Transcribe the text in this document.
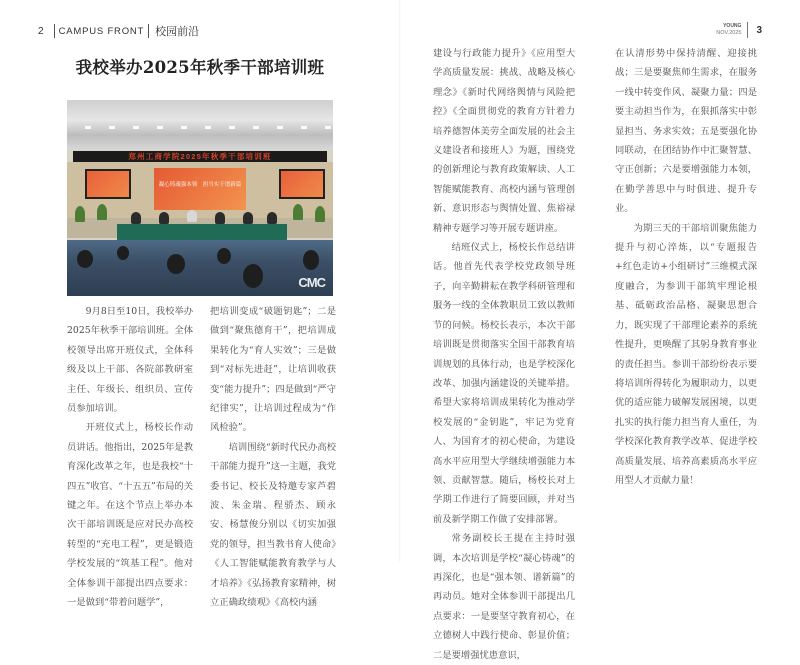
2 CAMPUS FRONT 校园前沿
我校举办2025年秋季干部培训班
郑州工商学院2025年秋季干部培训班
凝心铸魂强本领　担当实干谱新篇
CMC

9月8日至10日，我校举办2025年秋季干部培训班。全体校领导出席开班仪式，全体科级及以上干部、各院部教研室主任、年级长、组织员、宣传员参加培训。

开班仪式上，杨校长作动员讲话。他指出，2025年是教育深化改革之年，也是我校“十四五”收官、“十五五”布局的关键之年。在这个节点上举办本次干部培训既是应对民办高校转型的“充电工程”，更是锻造学校发展的“筑基工程”。他对全体参训干部提出四点要求：一是做到“带着问题学”，

把培训变成“破题钥匙”；二是做到“聚焦德育干”，把培训成果转化为“育人实效”；三是做到“对标先进赶”，让培训收获变“能力提升”；四是做到“严守纪律实”，让培训过程成为“作风检验”。

培训围绕“新时代民办高校干部能力提升”这一主题，我党委书记、校长及特邀专家芦碧波、朱金瑞、程骄杰、顾永安、杨慧俊分别以《切实加强党的领导，担当教书育人使命》《人工智能赋能教育教学与人才培养》《弘扬教育家精神，树立正确政绩观》《高校内涵

YOUNG
NOV.2025 3

建设与行政能力提升》《应用型大学高质量发展：挑战、战略及核心理念》《新时代网络舆情与风险把控》《全面贯彻党的教育方针着力培养德智体美劳全面发展的社会主义建设者和接班人》为题，围绕党的创新理论与教育政策解读、人工智能赋能教育、高校内涵与管理创新、意识形态与舆情处置、焦裕禄精神专题学习等开展专题讲座。

结班仪式上，杨校长作总结讲话。他首先代表学校党政领导班子，向辛勤耕耘在教学科研管理和服务一线的全体教职员工致以教师节的问候。杨校长表示，本次干部培训既是贯彻落实全国干部教育培训规划的具体行动，也是学校深化改革、加强内涵建设的关键举措。希望大家将培训成果转化为推动学校发展的“金钥匙”，牢记为党育人、为国育才的初心使命，为建设高水平应用型大学继续增强能力本领、贡献智慧。随后，杨校长对上学期工作进行了简要回顾，并对当前及新学期工作做了安排部署。

常务副校长王提在主持时强调，本次培训是学校“凝心铸魂”的再深化，也是“强本领、谱新篇”的再动员。她对全体参训干部提出几点要求：一是要坚守教育初心，在立德树人中践行使命、彰显价值；二是要增强忧患意识，

在认清形势中保持清醒、迎接挑战；三是要聚焦师生需求，在服务一线中转变作风、凝聚力量；四是要主动担当作为，在狠抓落实中彰显担当、务求实效；五是要强化协同联动，在团结协作中汇聚智慧、守正创新；六是要增强能力本领，在勤学善思中与时俱进、提升专业。

为期三天的干部培训聚焦能力提升与初心淬炼，以“专题报告+红色走访+小组研讨”三维模式深度融合，为参训干部筑牢理论根基、砥砺政治品格、凝聚思想合力，既实现了干部理论素养的系统性提升，更唤醒了其躬身教育事业的责任担当。参训干部纷纷表示要将培训所得转化为履职动力，以更优的适应能力破解发展困境，以更扎实的执行能力担当育人重任，为学校深化教育教学改革、促进学校高质量发展、培养高素质高水平应用型人才贡献力量！
